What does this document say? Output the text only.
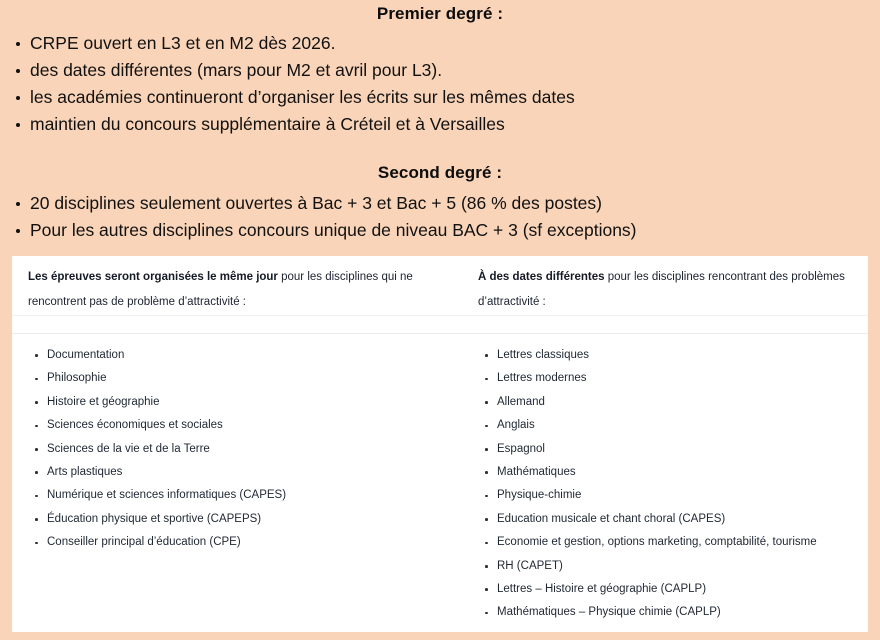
Premier degré :
CRPE ouvert en L3 et en M2 dès 2026.
des dates différentes (mars pour M2 et avril pour L3).
les académies continueront d’organiser les écrits sur les mêmes dates
maintien du concours supplémentaire à Créteil et à Versailles
Second degré :
20 disciplines seulement ouvertes à Bac + 3 et Bac + 5 (86 % des postes)
Pour les autres disciplines concours unique de niveau BAC + 3 (sf exceptions)
Les épreuves seront organisées le même jour pour les disciplines qui ne
rencontrent pas de problème d’attractivité :
À des dates différentes pour les disciplines rencontrant des problèmes
d’attractivité :
Documentation
Philosophie
Histoire et géographie
Sciences économiques et sociales
Sciences de la vie et de la Terre
Arts plastiques
Numérique et sciences informatiques (CAPES)
Éducation physique et sportive (CAPEPS)
Conseiller principal d’éducation (CPE)
Lettres classiques
Lettres modernes
Allemand
Anglais
Espagnol
Mathématiques
Physique-chimie
Education musicale et chant choral (CAPES)
Economie et gestion, options marketing, comptabilité, tourisme
RH (CAPET)
Lettres – Histoire et géographie (CAPLP)
Mathématiques – Physique chimie (CAPLP)
